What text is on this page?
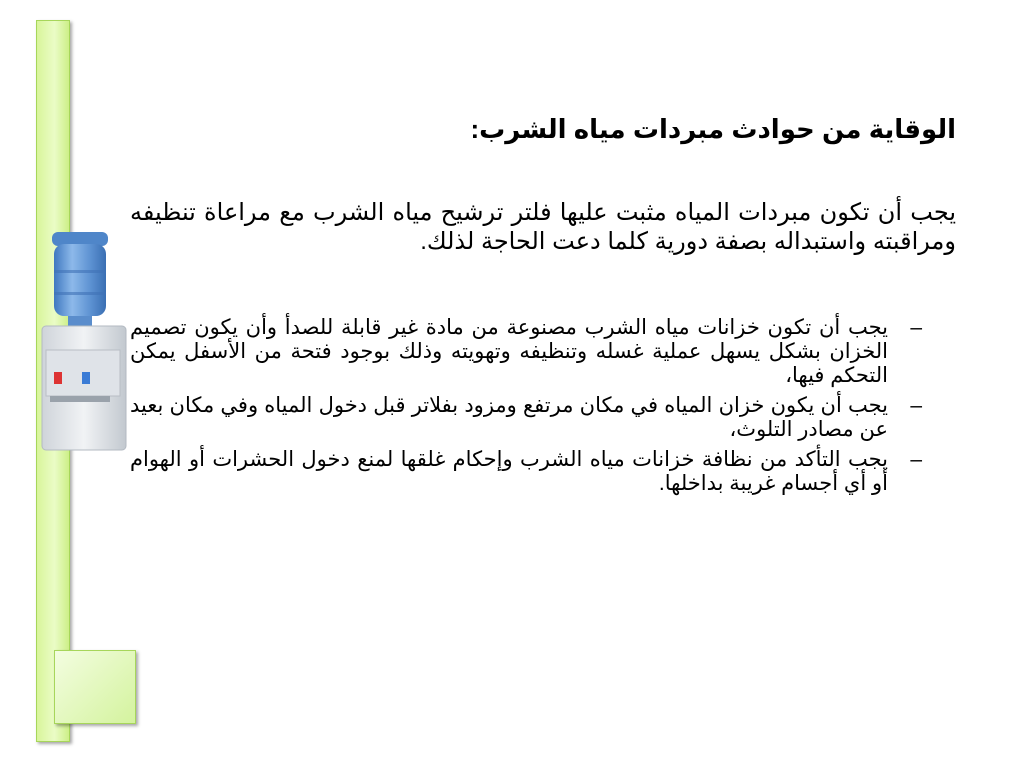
الوقاية من حوادث مبردات مياه الشرب:
يجب أن تكون مبردات المياه مثبت عليها فلتر ترشيح مياه الشرب مع مراعاة تنظيفه ومراقبته واستبداله بصفة دورية كلما دعت الحاجة لذلك.
–
يجب أن تكون خزانات مياه الشرب مصنوعة من مادة غير قابلة للصدأ وأن يكون تصميم الخزان بشكل يسهل عملية غسله وتنظيفه وتهويته وذلك بوجود فتحة من الأسفل يمكن التحكم فيها،
–
يجب أن يكون خزان المياه في مكان مرتفع ومزود بفلاتر قبل دخول المياه وفي مكان بعيد عن مصادر التلوث،
–
يجب التأكد من نظافة خزانات مياه الشرب وإحكام غلقها لمنع دخول الحشرات أو الهوام أو أي أجسام غريبة بداخلها.
